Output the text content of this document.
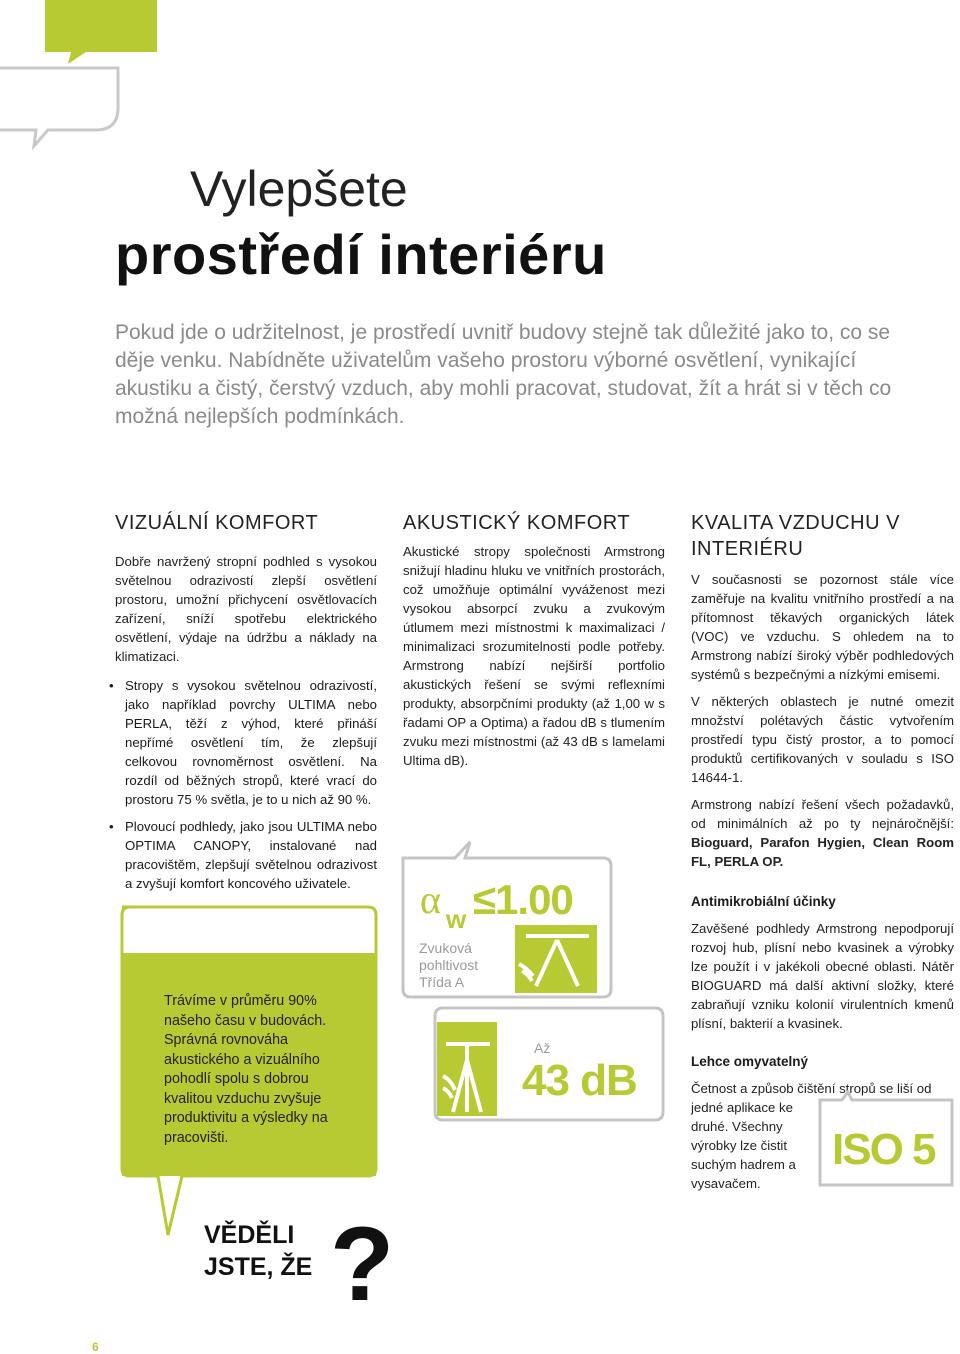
Vylepšete
prostředí interiéru

Pokud jde o udržitelnost, je prostředí uvnitř budovy stejně tak důležité jako to, co se děje venku. Nabídněte uživatelům vašeho prostoru výborné osvětlení, vynikající akustiku a čistý, čerstvý vzduch, aby mohli pracovat, studovat, žít a hrát si v těch co možná nejlepších podmínkách.

VIZUÁLNÍ KOMFORT

Dobře navržený stropní podhled s vysokou světelnou odrazivostí zlepší osvětlení prostoru, umožní přichycení osvětlovacích zařízení, sníží spotřebu elektrického osvětlení, výdaje na údržbu a náklady na klimatizaci.

• Stropy s vysokou světelnou odrazivostí, jako například povrchy ULTIMA nebo PERLA, těží z výhod, které přináší nepřímé osvětlení tím, že zlepšují celkovou rovnoměrnost osvětlení. Na rozdíl od běžných stropů, které vrací do prostoru 75 % světla, je to u nich až 90 %.
• Plovoucí podhledy, jako jsou ULTIMA nebo OPTIMA CANOPY, instalované nad pracovištěm, zlepšují světelnou odrazivost a zvyšují komfort koncového uživatele.

Trávíme v průměru 90% našeho času v budovách. Správná rovnováha akustického a vizuálního pohodlí spolu s dobrou kvalitou vzduchu zvyšuje produktivitu a výsledky na pracovišti.

VĚDĚLI
JSTE, ŽE ?
AKUSTICKÝ KOMFORT

Akustické stropy společnosti Armstrong snižují hladinu hluku ve vnitřních prostorách, což umožňuje optimální vyváženost mezi vysokou absorpcí zvuku a zvukovým útlumem mezi místnostmi k maximalizaci / minimalizaci srozumitelnosti podle potřeby. Armstrong nabízí nejširší portfolio akustických řešení se svými reflexními produkty, absorpčními produkty (až 1,00 w s řadami OP a Optima) a řadou dB s tlumením zvuku mezi místnostmi (až 43 dB s lamelami Ultima dB).

α w ≤1.00
Zvuková
pohltivost
Třída A
Až
43 dB
KVALITA VZDUCHU V INTERIÉRU

V současnosti se pozornost stále více zaměřuje na kvalitu vnitřního prostředí a na přítomnost těkavých organických látek (VOC) ve vzduchu. S ohledem na to Armstrong nabízí široký výběr podhledových systémů s bezpečnými a nízkými emisemi.

V některých oblastech je nutné omezit množství polétavých částic vytvořením prostředí typu čistý prostor, a to pomocí produktů certifikovaných v souladu s ISO 14644-1.

Armstrong nabízí řešení všech požadavků, od minimálních až po ty nejnáročnější: Bioguard, Parafon Hygien, Clean Room FL, PERLA OP.

Antimikrobiální účinky

Zavěšené podhledy Armstrong nepodporují rozvoj hub, plísní nebo kvasinek a výrobky lze použít i v jakékoli obecné oblasti. Nátěr BIOGUARD má další aktivní složky, které zabraňují vzniku kolonií virulentních kmenů plísní, bakterií a kvasinek.

Lehce omyvatelný

Četnost a způsob čištění stropů se liší od
jedné aplikace ke
druhé. Všechny
výrobky lze čistit
suchým hadrem a
vysavačem.
ISO 5
6
